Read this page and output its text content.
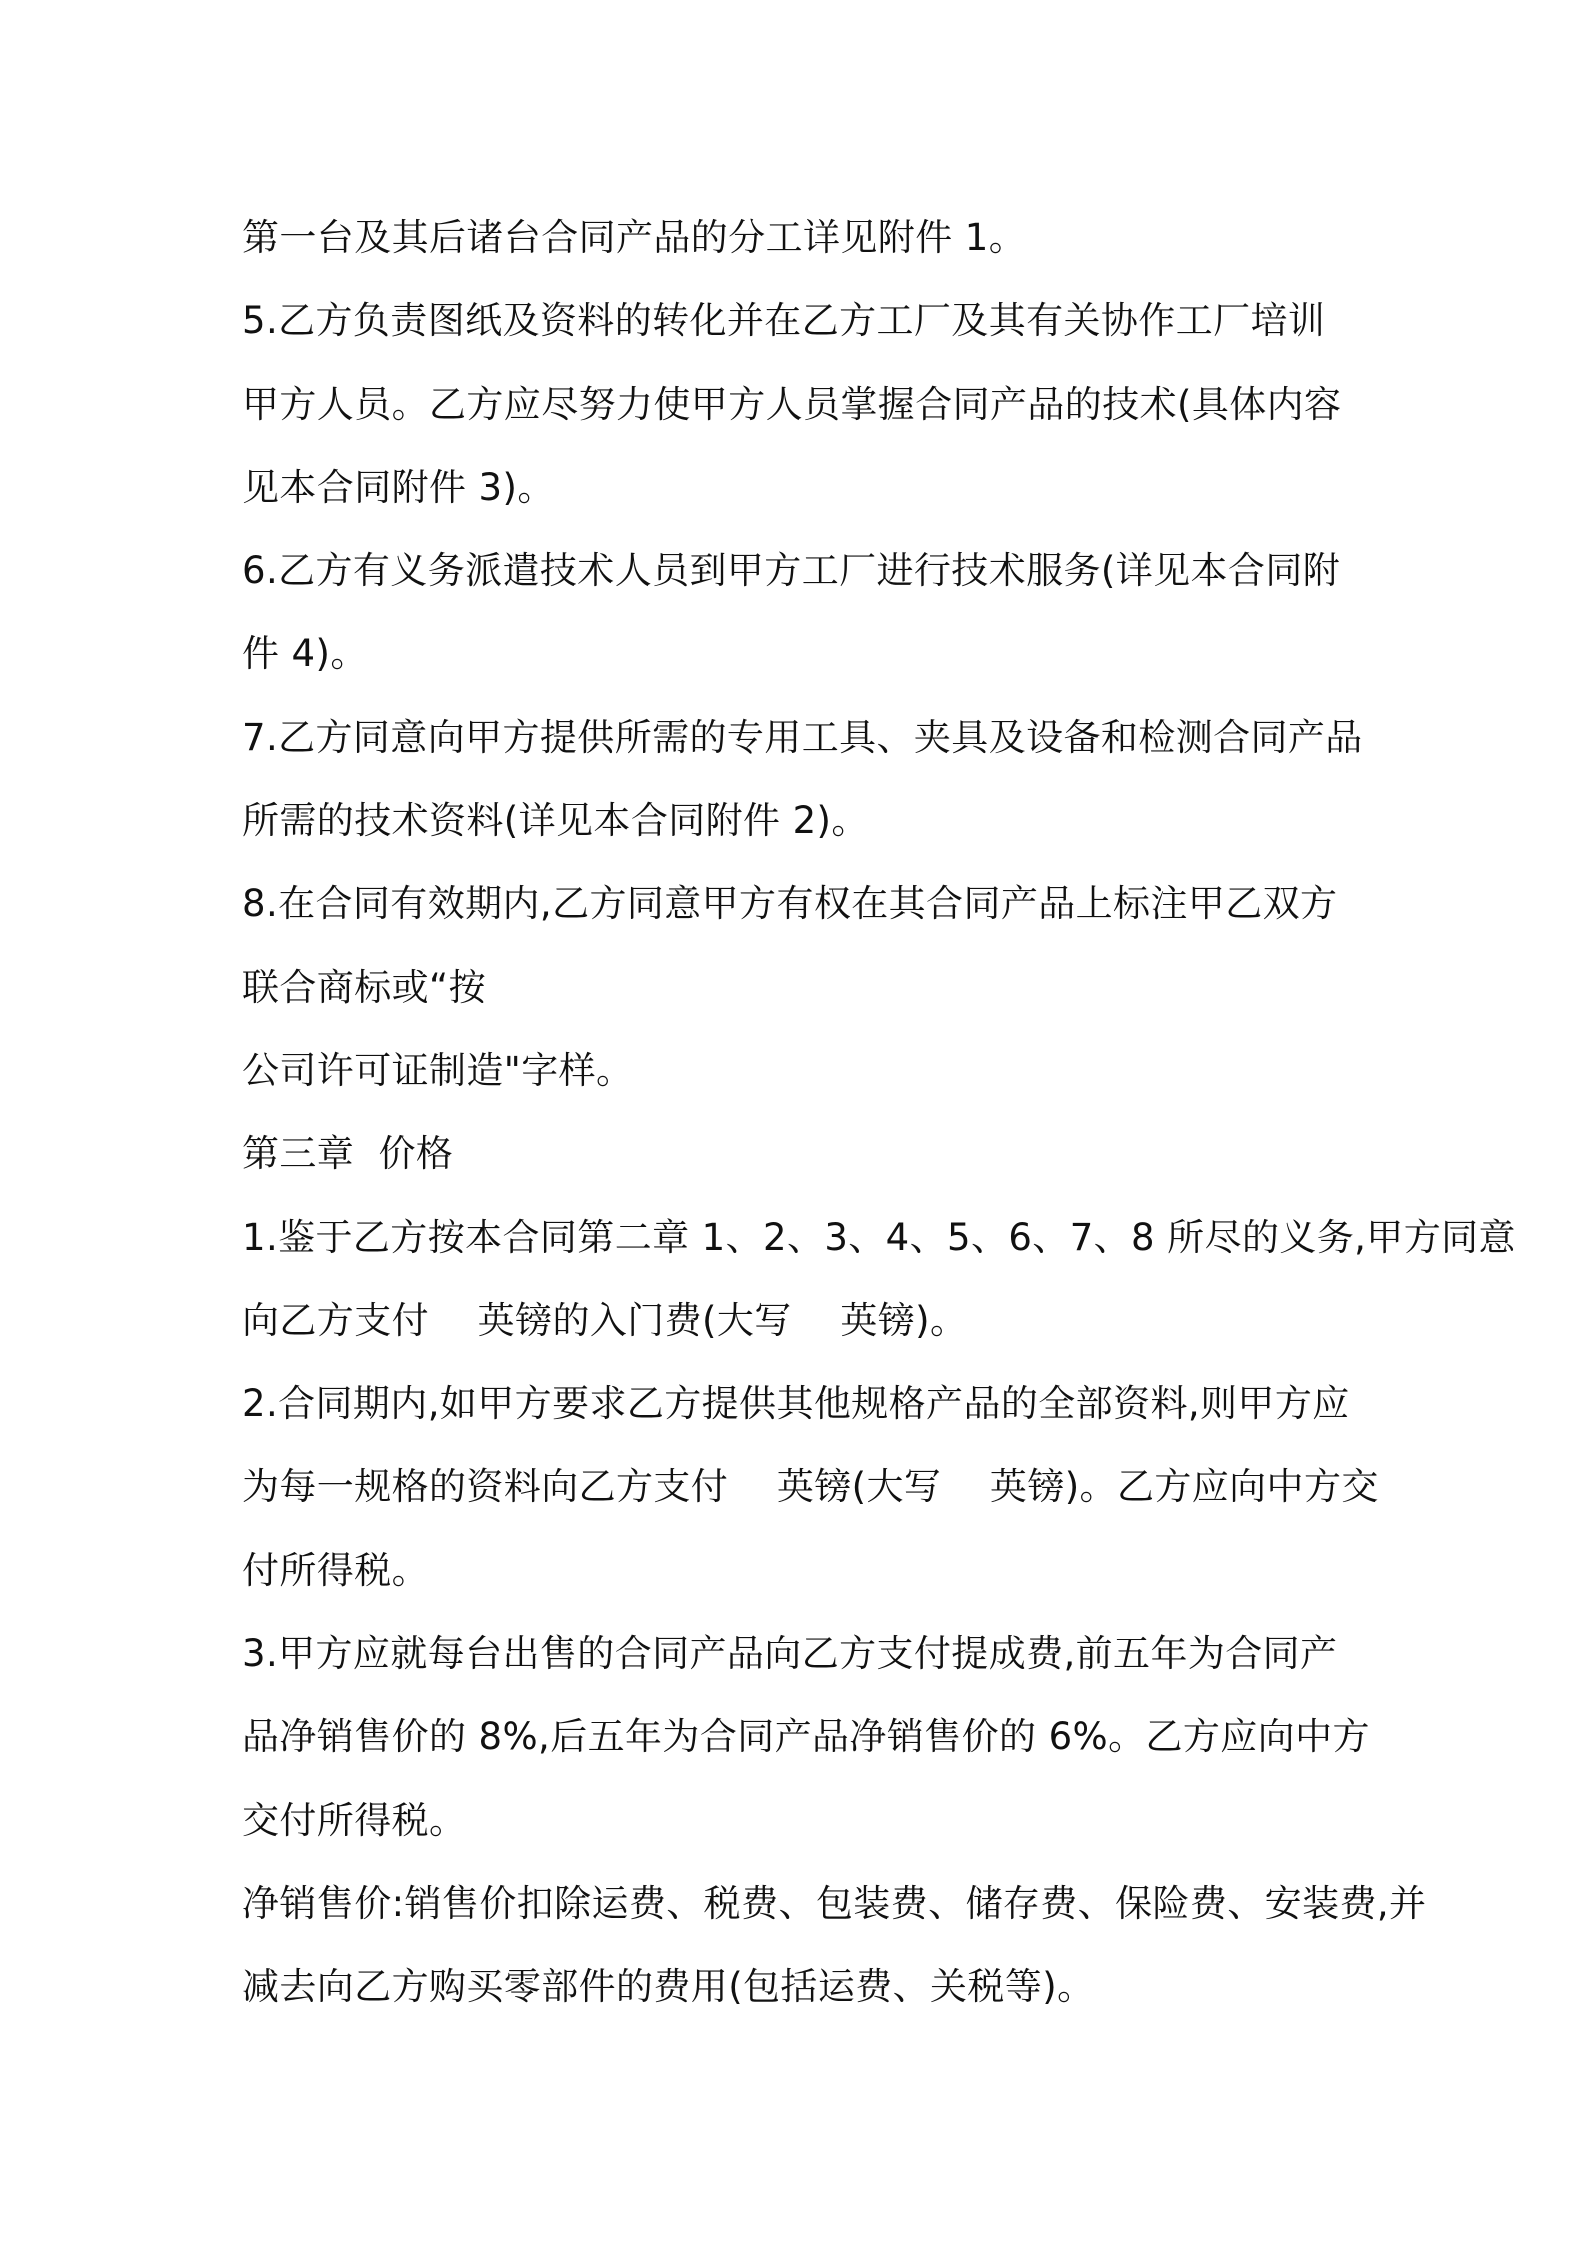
第一台及其后诸台合同产品的分工详见附件 1。
5.乙方负责图纸及资料的转化并在乙方工厂及其有关协作工厂培训
甲方人员。乙方应尽努力使甲方人员掌握合同产品的技术(具体内容
见本合同附件 3)。
6.乙方有义务派遣技术人员到甲方工厂进行技术服务(详见本合同附
件 4)。
7.乙方同意向甲方提供所需的专用工具、夹具及设备和检测合同产品
所需的技术资料(详见本合同附件 2)。
8.在合同有效期内,乙方同意甲方有权在其合同产品上标注甲乙双方
联合商标或“按
公司许可证制造"字样。
第三章  价格
1.鉴于乙方按本合同第二章 1、2、3、4、5、6、7、8 所尽的义务,甲方同意
向乙方支付    英镑的入门费(大写    英镑)。
2.合同期内,如甲方要求乙方提供其他规格产品的全部资料,则甲方应
为每一规格的资料向乙方支付    英镑(大写    英镑)。乙方应向中方交
付所得税。
3.甲方应就每台出售的合同产品向乙方支付提成费,前五年为合同产
品净销售价的 8%,后五年为合同产品净销售价的 6%。乙方应向中方
交付所得税。
净销售价:销售价扣除运费、税费、包装费、储存费、保险费、安装费,并
减去向乙方购买零部件的费用(包括运费、关税等)。
